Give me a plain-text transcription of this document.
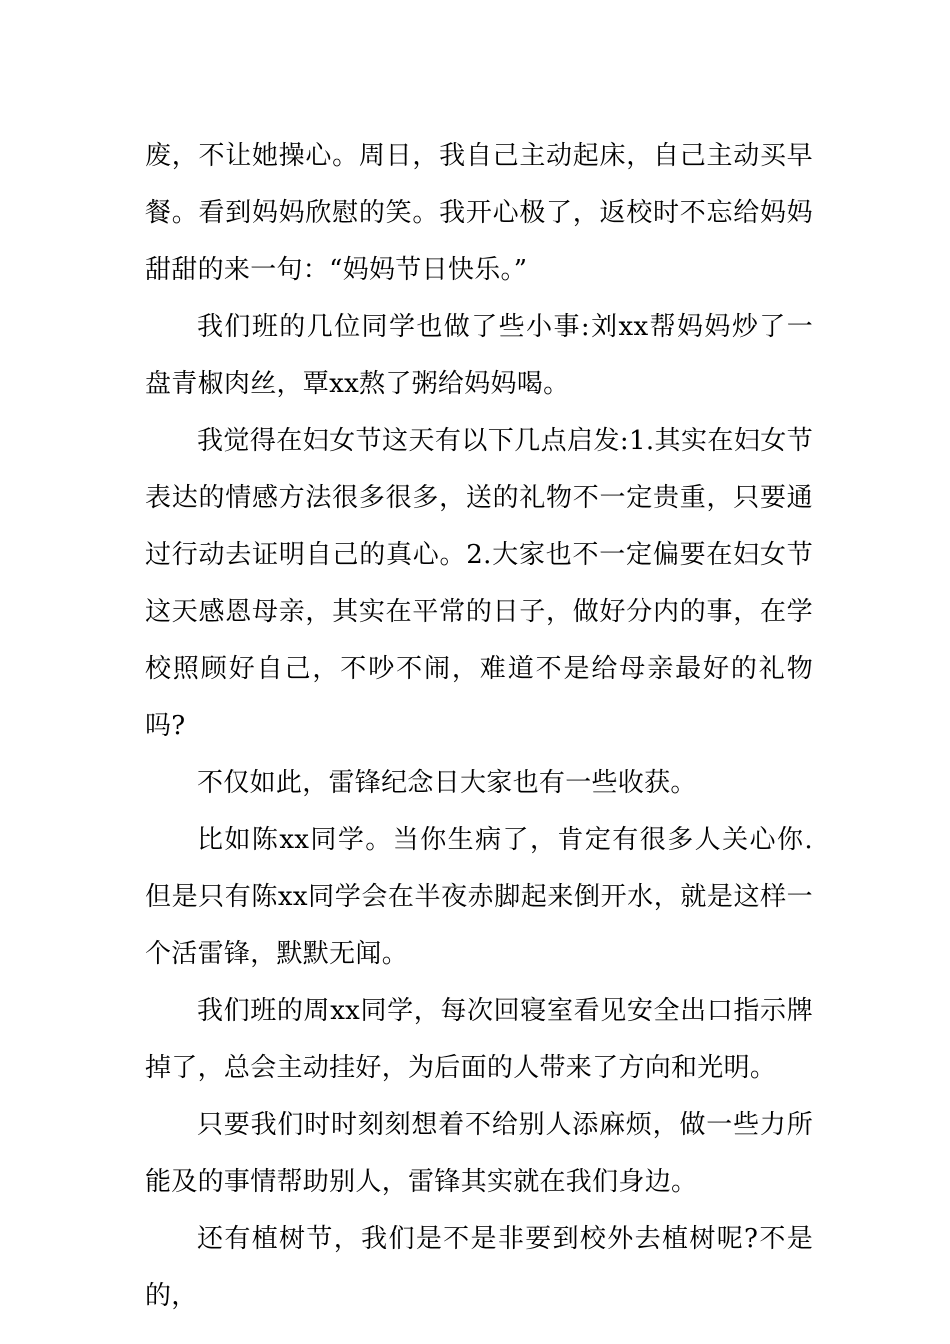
废，不让她操心。周日，我自己主动起床，自己主动买早餐。看到妈妈欣慰的笑。我开心极了，返校时不忘给妈妈甜甜的来一句：“妈妈节日快乐。”

我们班的几位同学也做了些小事:刘xx帮妈妈炒了一盘青椒肉丝，覃xx熬了粥给妈妈喝。

我觉得在妇女节这天有以下几点启发:1.其实在妇女节表达的情感方法很多很多，送的礼物不一定贵重，只要通过行动去证明自己的真心。2.大家也不一定偏要在妇女节这天感恩母亲，其实在平常的日子，做好分内的事，在学校照顾好自己，不吵不闹，难道不是给母亲最好的礼物吗?

不仅如此，雷锋纪念日大家也有一些收获。

比如陈xx同学。当你生病了，肯定有很多人关心你.但是只有陈xx同学会在半夜赤脚起来倒开水，就是这样一个活雷锋，默默无闻。

我们班的周xx同学，每次回寝室看见安全出口指示牌掉了，总会主动挂好，为后面的人带来了方向和光明。

只要我们时时刻刻想着不给别人添麻烦，做一些力所能及的事情帮助别人，雷锋其实就在我们身边。

还有植树节，我们是不是非要到校外去植树呢?不是的，
